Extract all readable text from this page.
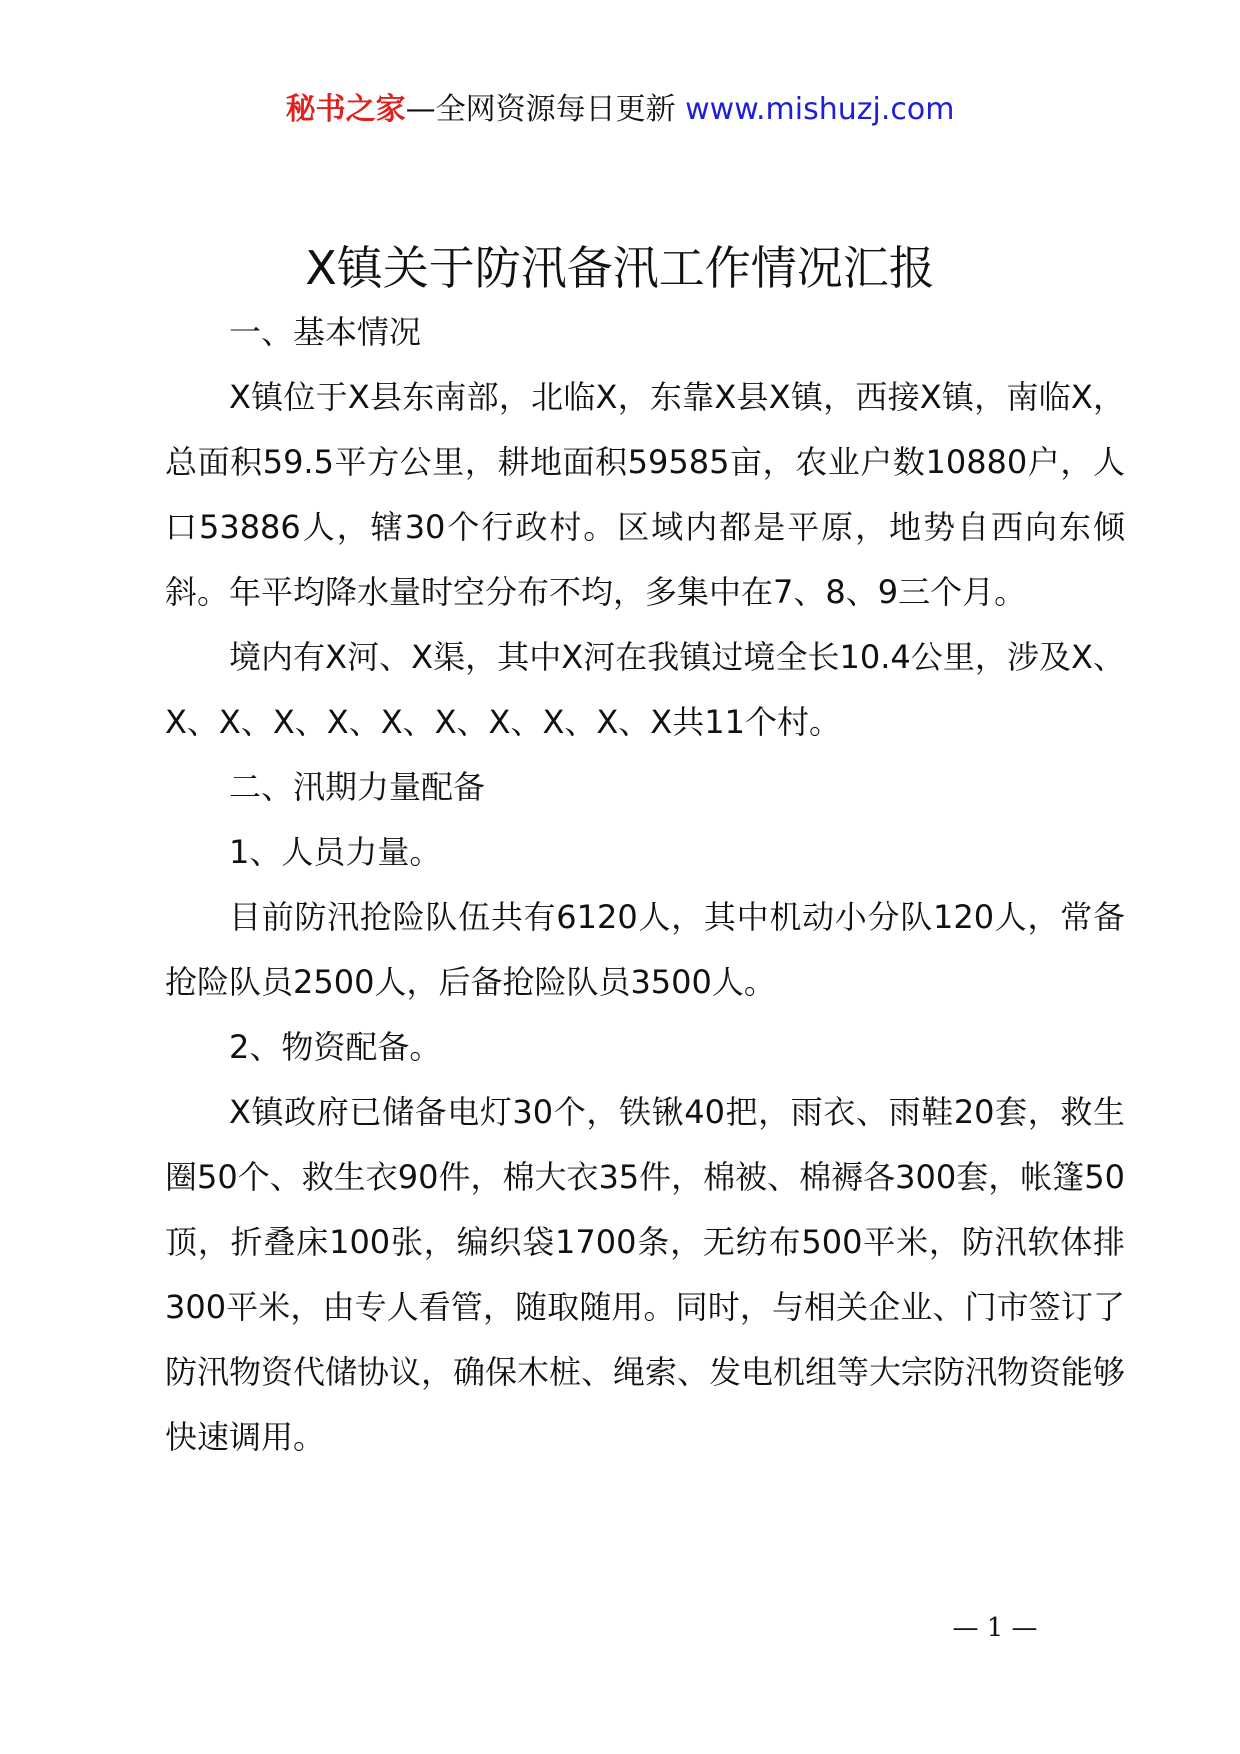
秘书之家—全网资源每日更新 www.mishuzj.com
X镇关于防汛备汛工作情况汇报

一、基本情况

X镇位于X县东南部，北临X，东靠X县X镇，西接X镇，南临X，总面积59.5平方公里，耕地面积59585亩，农业户数10880户，人口53886人，辖30个行政村。区域内都是平原，地势自西向东倾斜。年平均降水量时空分布不均，多集中在7、8、9三个月。

境内有X河、X渠，其中X河在我镇过境全长10.4公里，涉及X、X、X、X、X、X、X、X、X、X、X共11个村。

二、汛期力量配备

1、人员力量。

目前防汛抢险队伍共有6120人，其中机动小分队120人，常备抢险队员2500人，后备抢险队员3500人。

2、物资配备。

X镇政府已储备电灯30个，铁锹40把，雨衣、雨鞋20套，救生圈50个、救生衣90件，棉大衣35件，棉被、棉褥各300套，帐篷50顶，折叠床100张，编织袋1700条，无纺布500平米，防汛软体排300平米，由专人看管，随取随用。同时，与相关企业、门市签订了防汛物资代储协议，确保木桩、绳索、发电机组等大宗防汛物资能够快速调用。

— 1 —
